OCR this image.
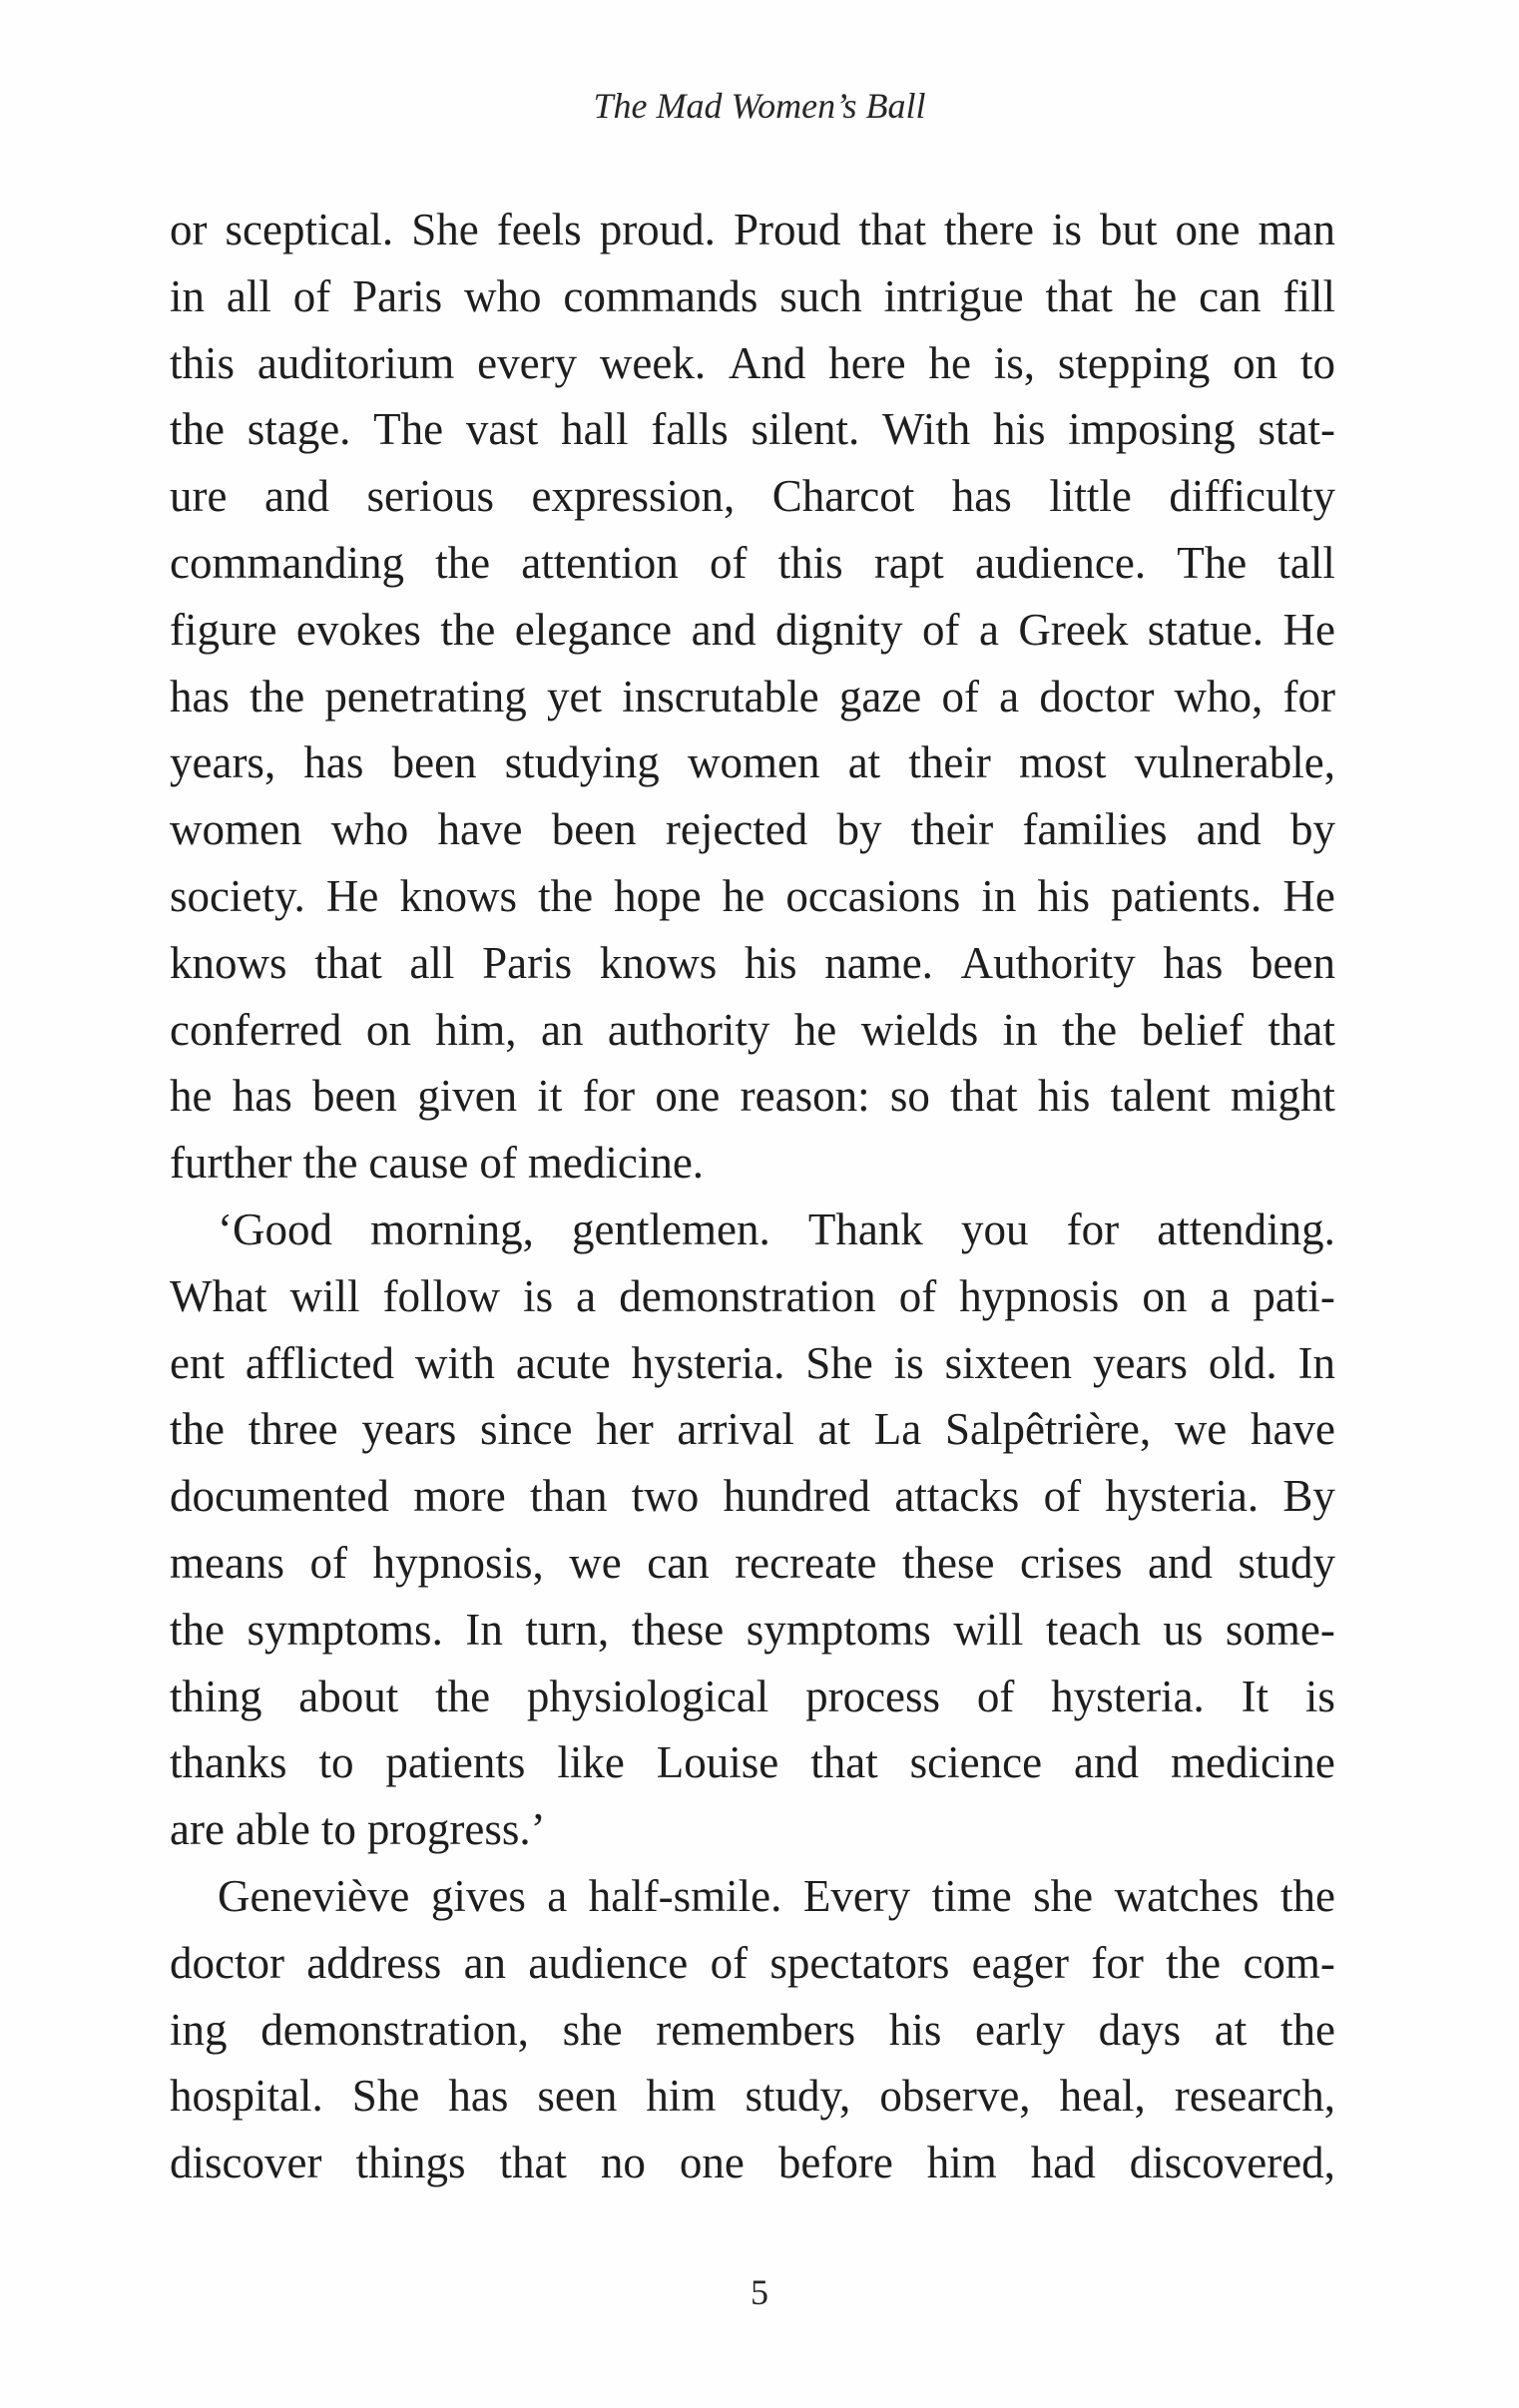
The Mad Women’s Ball
or sceptical. She feels proud. Proud that there is but one man
in all of Paris who commands such intrigue that he can fill
this auditorium every week. And here he is, stepping on to
the stage. The vast hall falls silent. With his imposing stat-
ure and serious expression, Charcot has little difficulty
commanding the attention of this rapt audience. The tall
figure evokes the elegance and dignity of a Greek statue. He
has the penetrating yet inscrutable gaze of a doctor who, for
years, has been studying women at their most vulnerable,
women who have been rejected by their families and by
society. He knows the hope he occasions in his patients. He
knows that all Paris knows his name. Authority has been
conferred on him, an authority he wields in the belief that
he has been given it for one reason: so that his talent might
further the cause of medicine.
‘Good morning, gentlemen. Thank you for attending.
What will follow is a demonstration of hypnosis on a pati-
ent afflicted with acute hysteria. She is sixteen years old. In
the three years since her arrival at La Salpêtrière, we have
documented more than two hundred attacks of hysteria. By
means of hypnosis, we can recreate these crises and study
the symptoms. In turn, these symptoms will teach us some-
thing about the physiological process of hysteria. It is
thanks to patients like Louise that science and medicine
are able to progress.’
Geneviève gives a half-smile. Every time she watches the
doctor address an audience of spectators eager for the com-
ing demonstration, she remembers his early days at the
hospital. She has seen him study, observe, heal, research,
discover things that no one before him had discovered,
5
